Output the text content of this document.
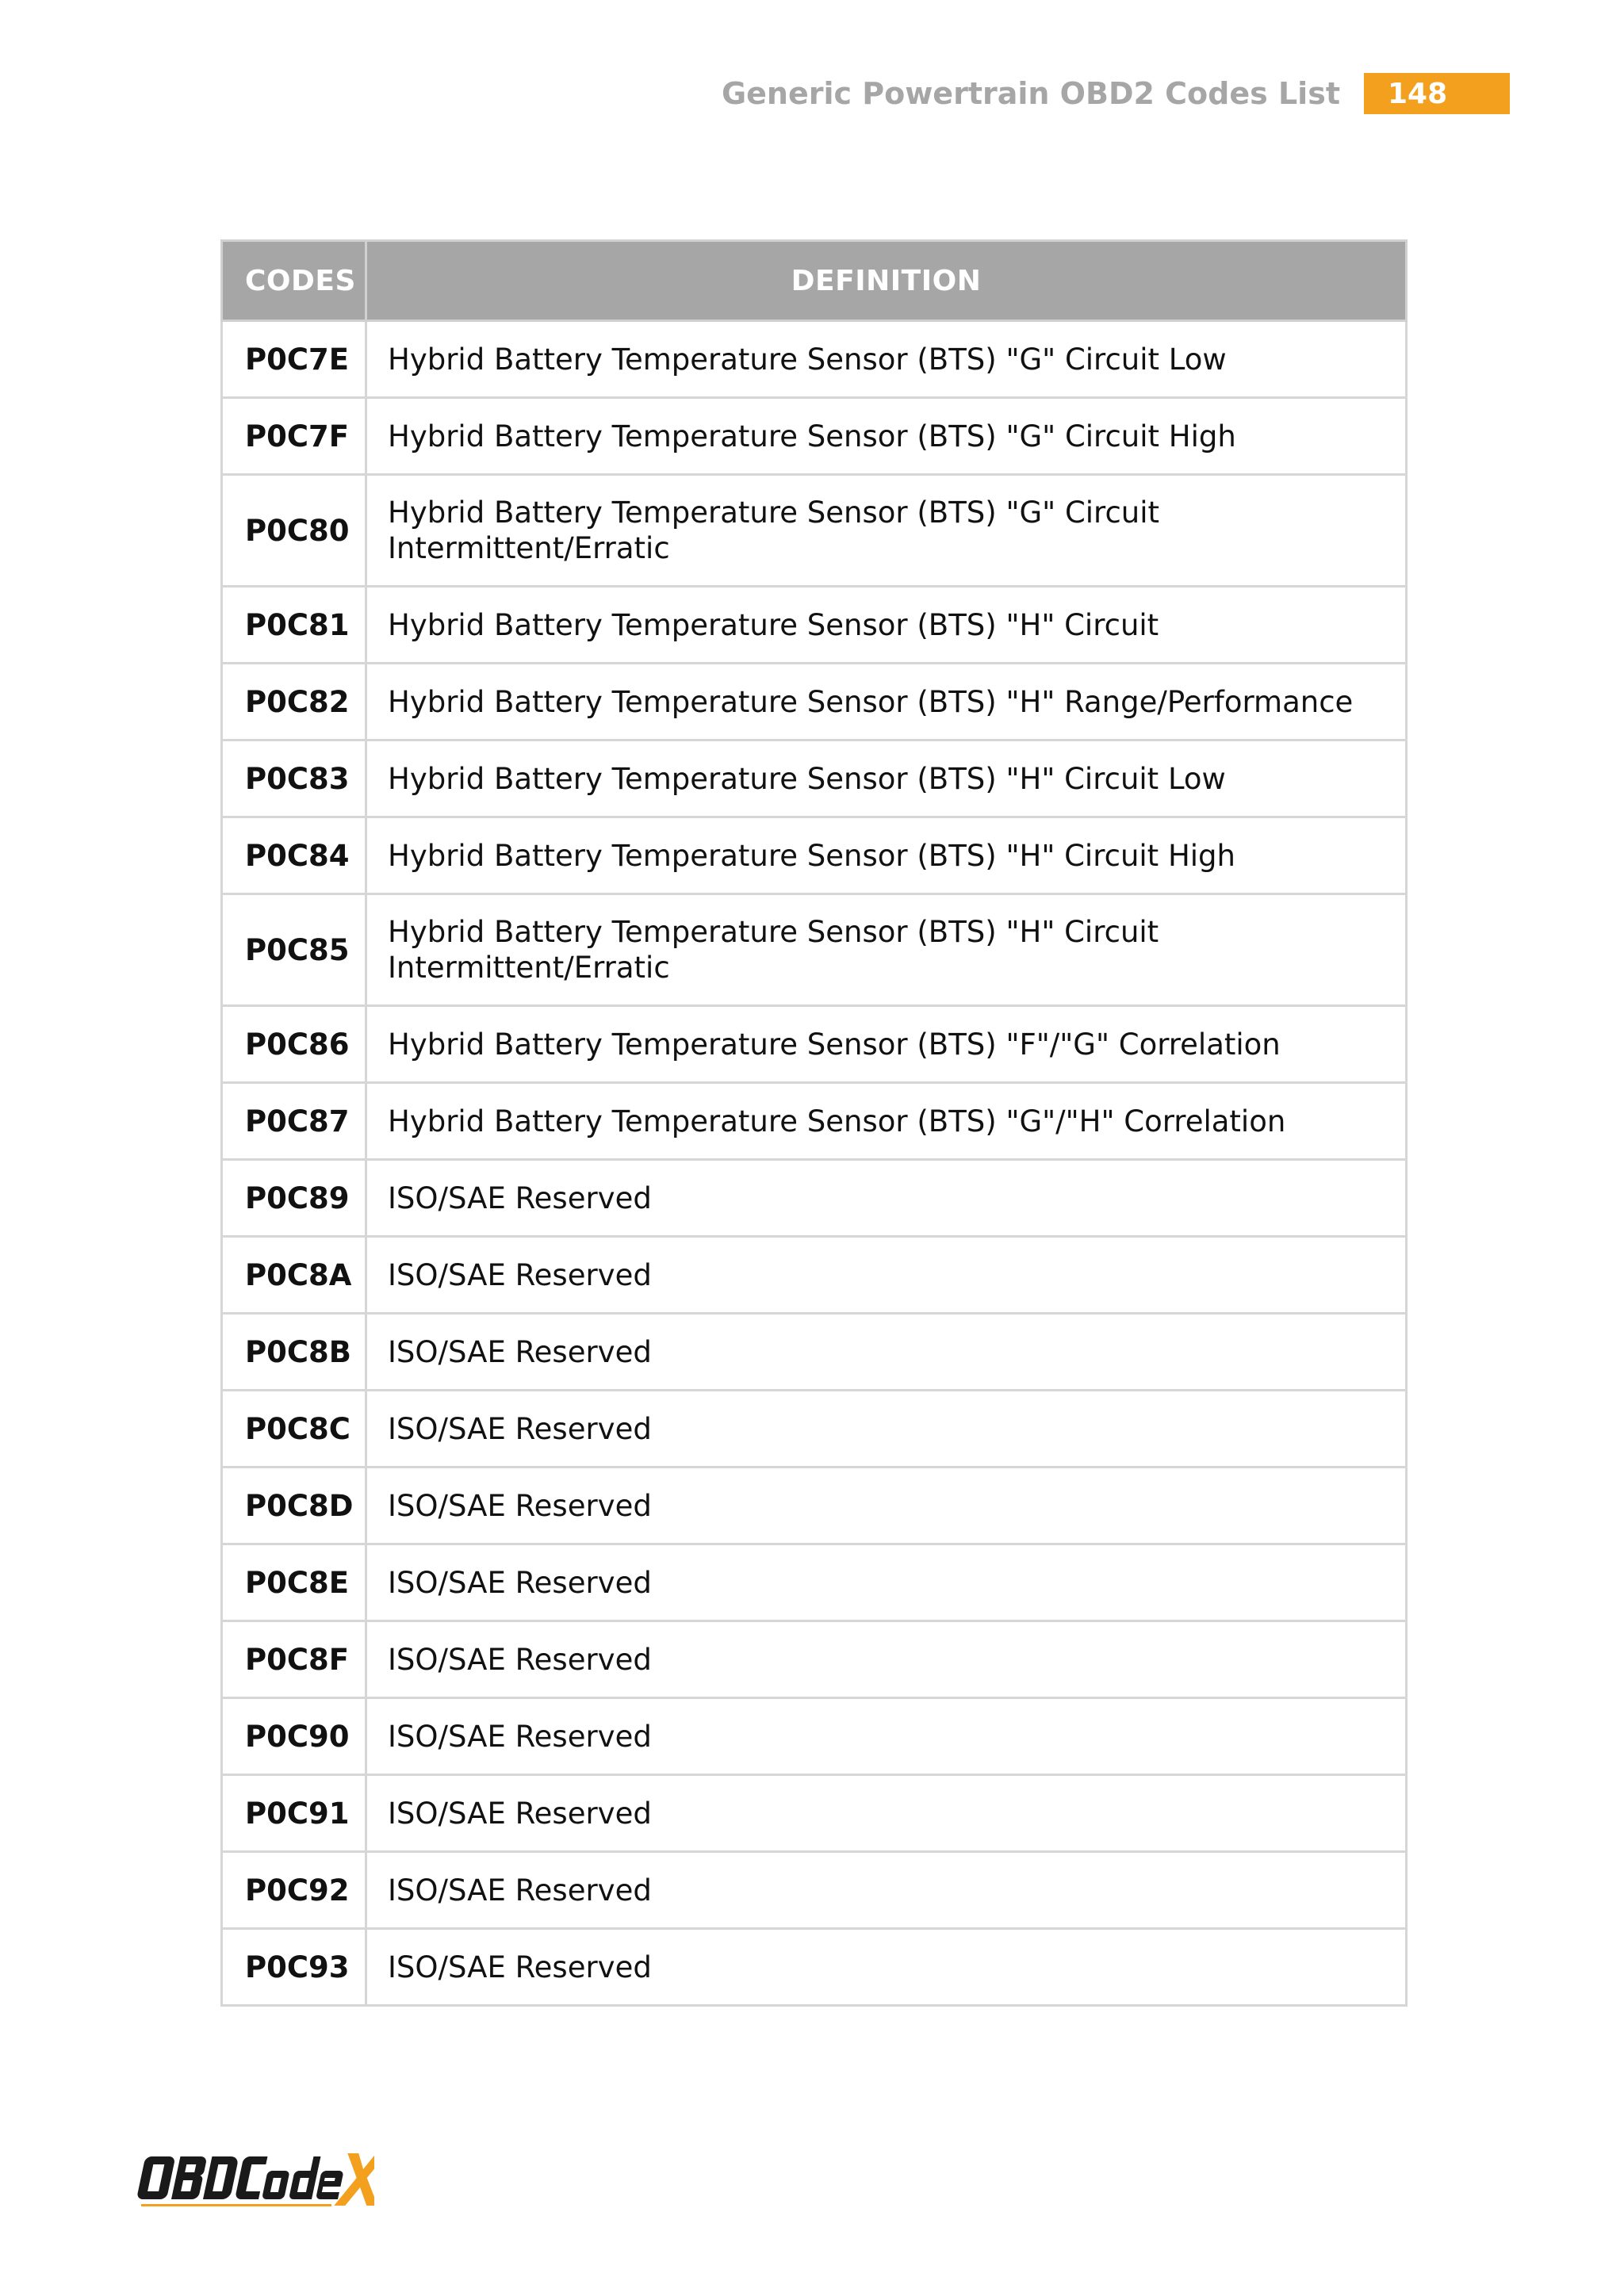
Generic Powertrain OBD2 Codes List	148
CODES	DEFINITION
P0C7E	Hybrid Battery Temperature Sensor (BTS) "G" Circuit Low
P0C7F	Hybrid Battery Temperature Sensor (BTS) "G" Circuit High
P0C80	Hybrid Battery Temperature Sensor (BTS) "G" Circuit Intermittent/Erratic
P0C81	Hybrid Battery Temperature Sensor (BTS) "H" Circuit
P0C82	Hybrid Battery Temperature Sensor (BTS) "H" Range/Performance
P0C83	Hybrid Battery Temperature Sensor (BTS) "H" Circuit Low
P0C84	Hybrid Battery Temperature Sensor (BTS) "H" Circuit High
P0C85	Hybrid Battery Temperature Sensor (BTS) "H" Circuit Intermittent/Erratic
P0C86	Hybrid Battery Temperature Sensor (BTS) "F"/"G" Correlation
P0C87	Hybrid Battery Temperature Sensor (BTS) "G"/"H" Correlation
P0C89	ISO/SAE Reserved
P0C8A	ISO/SAE Reserved
P0C8B	ISO/SAE Reserved
P0C8C	ISO/SAE Reserved
P0C8D	ISO/SAE Reserved
P0C8E	ISO/SAE Reserved
P0C8F	ISO/SAE Reserved
P0C90	ISO/SAE Reserved
P0C91	ISO/SAE Reserved
P0C92	ISO/SAE Reserved
P0C93	ISO/SAE Reserved
